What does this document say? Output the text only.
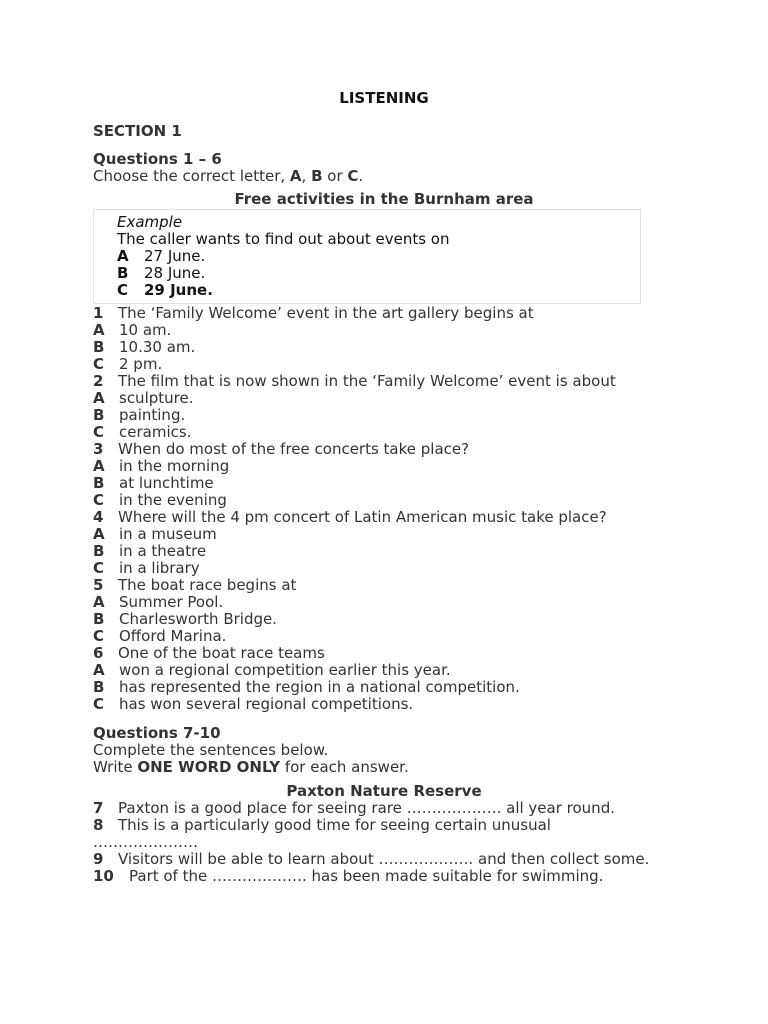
LISTENING
SECTION 1
Questions 1 – 6
Choose the correct letter, A, B or C.
Free activities in the Burnham area
Example
The caller wants to find out about events on
A 27 June.
B 28 June.
C 29 June.
1 The ‘Family Welcome’ event in the art gallery begins at
A 10 am.
B 10.30 am.
C 2 pm.
2 The film that is now shown in the ‘Family Welcome’ event is about
A sculpture.
B painting.
C ceramics.
3 When do most of the free concerts take place?
A in the morning
B at lunchtime
C in the evening
4 Where will the 4 pm concert of Latin American music take place?
A in a museum
B in a theatre
C in a library
5 The boat race begins at
A Summer Pool.
B Charlesworth Bridge.
C Offord Marina.
6 One of the boat race teams
A won a regional competition earlier this year.
B has represented the region in a national competition.
C has won several regional competitions.
Questions 7-10
Complete the sentences below.
Write ONE WORD ONLY for each answer.
Paxton Nature Reserve
7 Paxton is a good place for seeing rare ………………. all year round.
8 This is a particularly good time for seeing certain unusual
…………………
9 Visitors will be able to learn about ………………. and then collect some.
10 Part of the ………………. has been made suitable for swimming.
